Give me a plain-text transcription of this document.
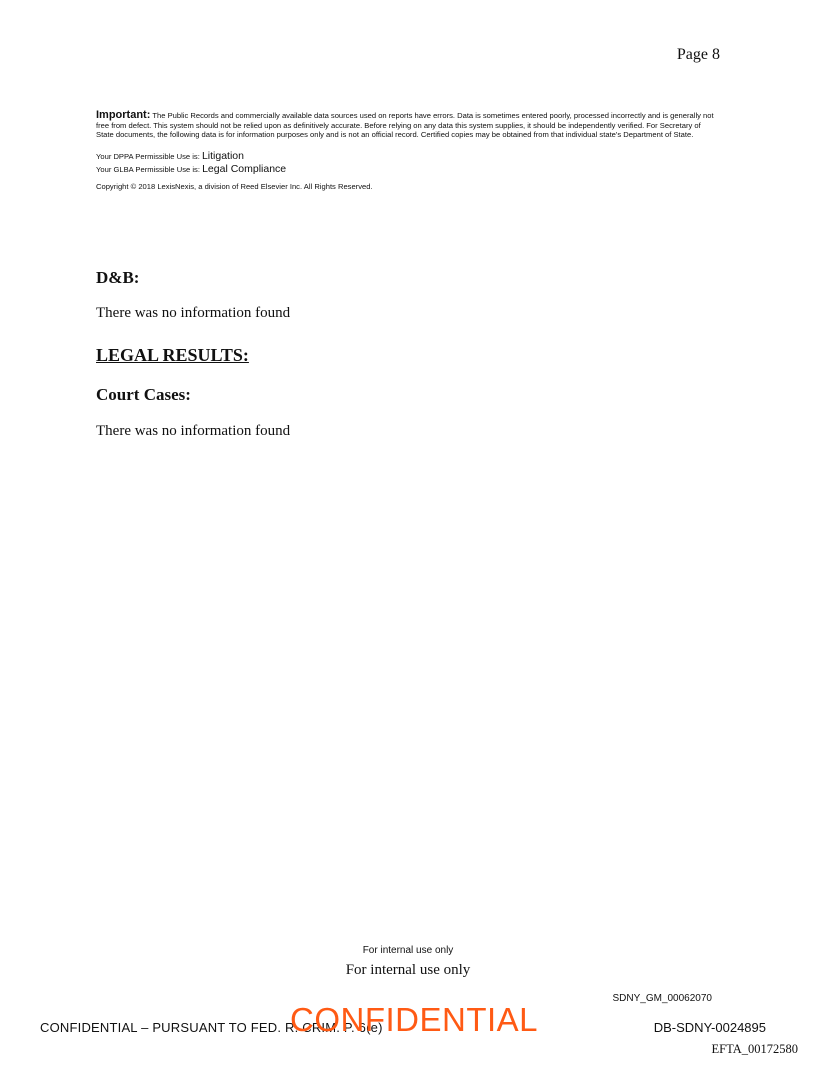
Page 8

Important: The Public Records and commercially available data sources used on reports have errors. Data is sometimes entered poorly, processed incorrectly and is generally not free from defect. This system should not be relied upon as definitively accurate. Before relying on any data this system supplies, it should be independently verified. For Secretary of State documents, the following data is for information purposes only and is not an official record. Certified copies may be obtained from that individual state's Department of State.

Your DPPA Permissible Use is: Litigation

Your GLBA Permissible Use is: Legal Compliance

Copyright © 2018 LexisNexis, a division of Reed Elsevier Inc. All Rights Reserved.

D&B:
There was no information found
LEGAL RESULTS:
Court Cases:
There was no information found
For internal use only
For internal use only
SDNY_GM_00062070
CONFIDENTIAL – PURSUANT TO FED. R. CRIM. P. 6(e)
CONFIDENTIAL	DB-SDNY-0024895
EFTA_00172580
